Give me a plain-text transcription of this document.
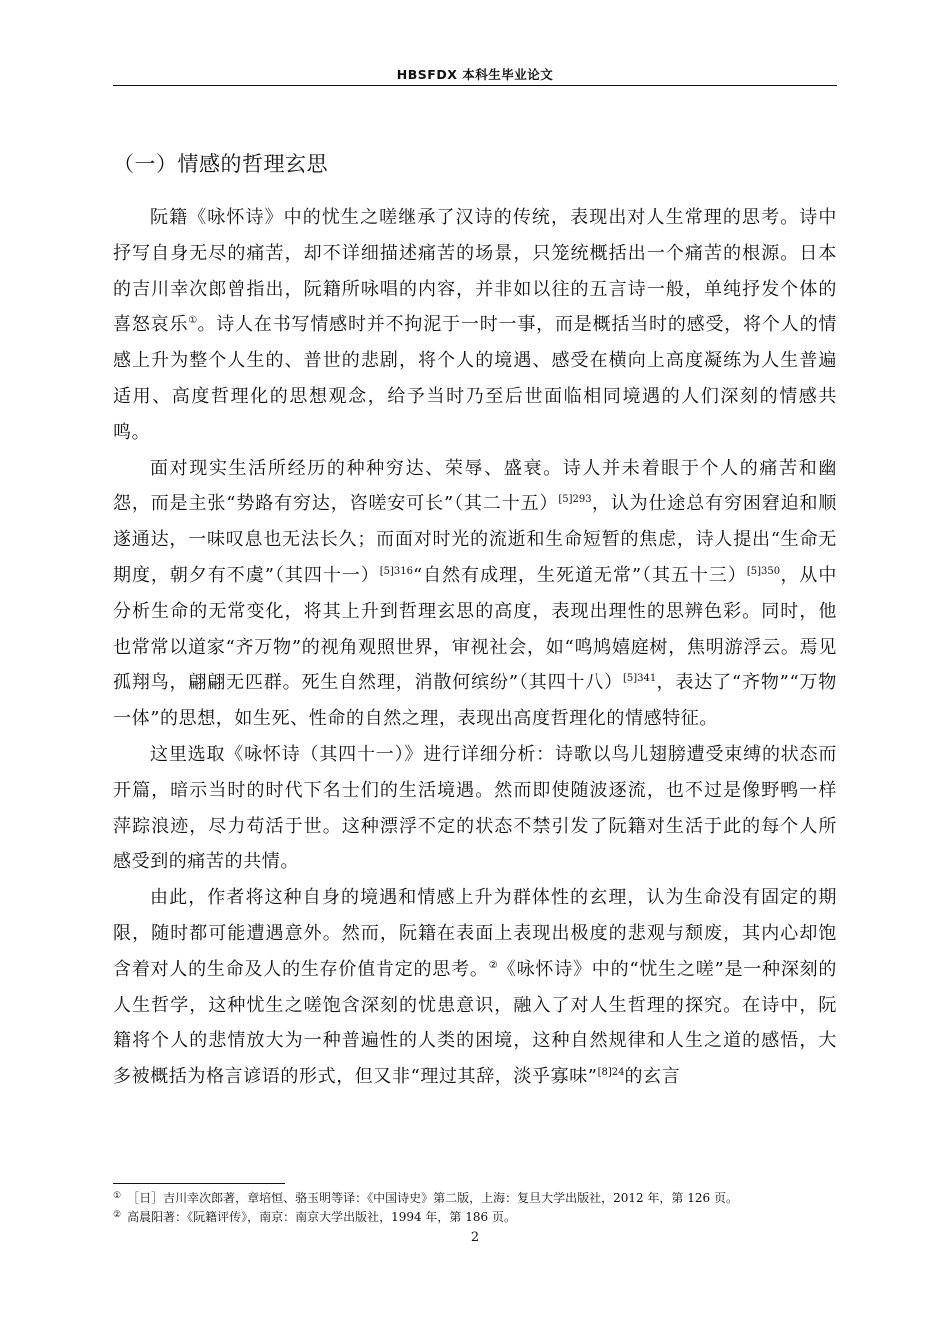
HBSFDX 本科生毕业论文
（一）情感的哲理玄思

阮籍《咏怀诗》中的忧生之嗟继承了汉诗的传统，表现出对人生常理的思考。诗中抒写自身无尽的痛苦，却不详细描述痛苦的场景，只笼统概括出一个痛苦的根源。日本的吉川幸次郎曾指出，阮籍所咏唱的内容，并非如以往的五言诗一般，单纯抒发个体的喜怒哀乐①。诗人在书写情感时并不拘泥于一时一事，而是概括当时的感受，将个人的情感上升为整个人生的、普世的悲剧，将个人的境遇、感受在横向上高度凝练为人生普遍适用、高度哲理化的思想观念，给予当时乃至后世面临相同境遇的人们深刻的情感共鸣。

面对现实生活所经历的种种穷达、荣辱、盛衰。诗人并未着眼于个人的痛苦和幽怨，而是主张“势路有穷达，咨嗟安可长”（其二十五）$^{[5]293}$，认为仕途总有穷困窘迫和顺遂通达，一味叹息也无法长久；而面对时光的流逝和生命短暂的焦虑，诗人提出“生命无期度，朝夕有不虞”（其四十一）$^{[5]316}$“自然有成理，生死道无常”（其五十三）$^{[5]350}$，从中分析生命的无常变化，将其上升到哲理玄思的高度，表现出理性的思辨色彩。同时，他也常常以道家“齐万物”的视角观照世界，审视社会，如“鸣鸠嬉庭树，焦明游浮云。焉见孤翔鸟，翩翩无匹群。死生自然理，消散何缤纷”（其四十八）$^{[5]341}$，表达了“齐物”“万物一体”的思想，如生死、性命的自然之理，表现出高度哲理化的情感特征。

这里选取《咏怀诗（其四十一）》进行详细分析：诗歌以鸟儿翅膀遭受束缚的状态而开篇，暗示当时的时代下名士们的生活境遇。然而即使随波逐流，也不过是像野鸭一样萍踪浪迹，尽力苟活于世。这种漂浮不定的状态不禁引发了阮籍对生活于此的每个人所感受到的痛苦的共情。

由此，作者将这种自身的境遇和情感上升为群体性的玄理，认为生命没有固定的期限，随时都可能遭遇意外。然而，阮籍在表面上表现出极度的悲观与颓废，其内心却饱含着对人的生命及人的生存价值肯定的思考。②《咏怀诗》中的“忧生之嗟”是一种深刻的人生哲学，这种忧生之嗟饱含深刻的忧患意识，融入了对人生哲理的探究。在诗中，阮籍将个人的悲情放大为一种普遍性的人类的困境，这种自然规律和人生之道的感悟，大多被概括为格言谚语的形式，但又非“理过其辞，淡乎寡味”$^{[8]24}$的玄言

① ［日］吉川幸次郎著，章培恒、骆玉明等译：《中国诗史》第二版，上海：复旦大学出版社，2012 年，第 126 页。
② 高晨阳著：《阮籍评传》，南京：南京大学出版社，1994 年，第 186 页。
2
